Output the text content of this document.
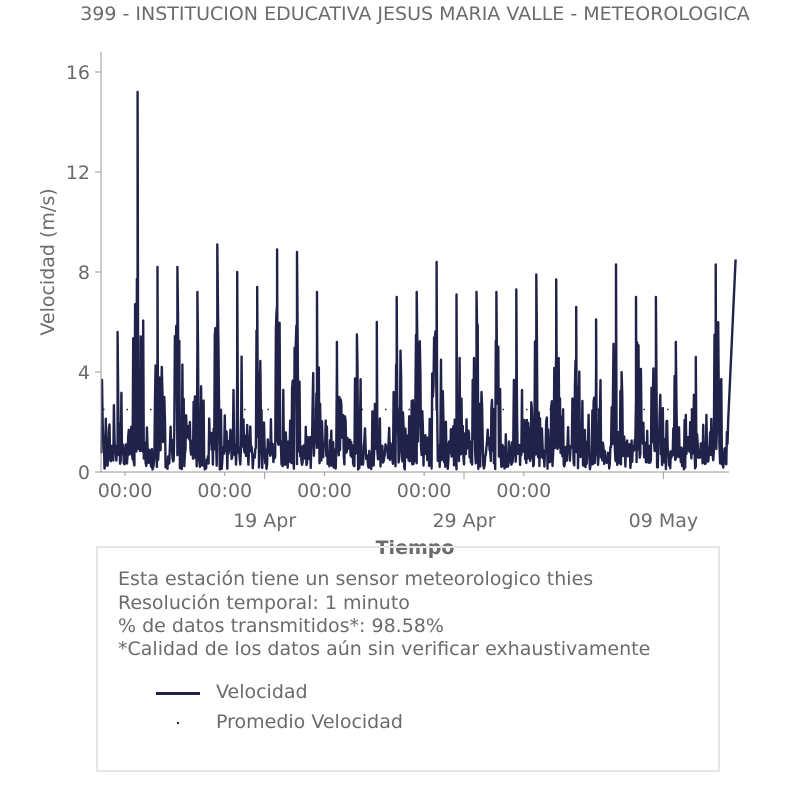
399 - INSTITUCION EDUCATIVA JESUS MARIA VALLE - METEOROLOGICA
0
4
8
12
16
00:00 00:00 00:00 00:00 00:00
19 Apr	29 Apr	09 May
Velocidad (m/s)
Tiempo
Esta estación tiene un sensor meteorologico thies
Resolución temporal: 1 minuto
% de datos transmitidos*: 98.58%
*Calidad de los datos aún sin verificar exhaustivamente
Velocidad
Promedio Velocidad
